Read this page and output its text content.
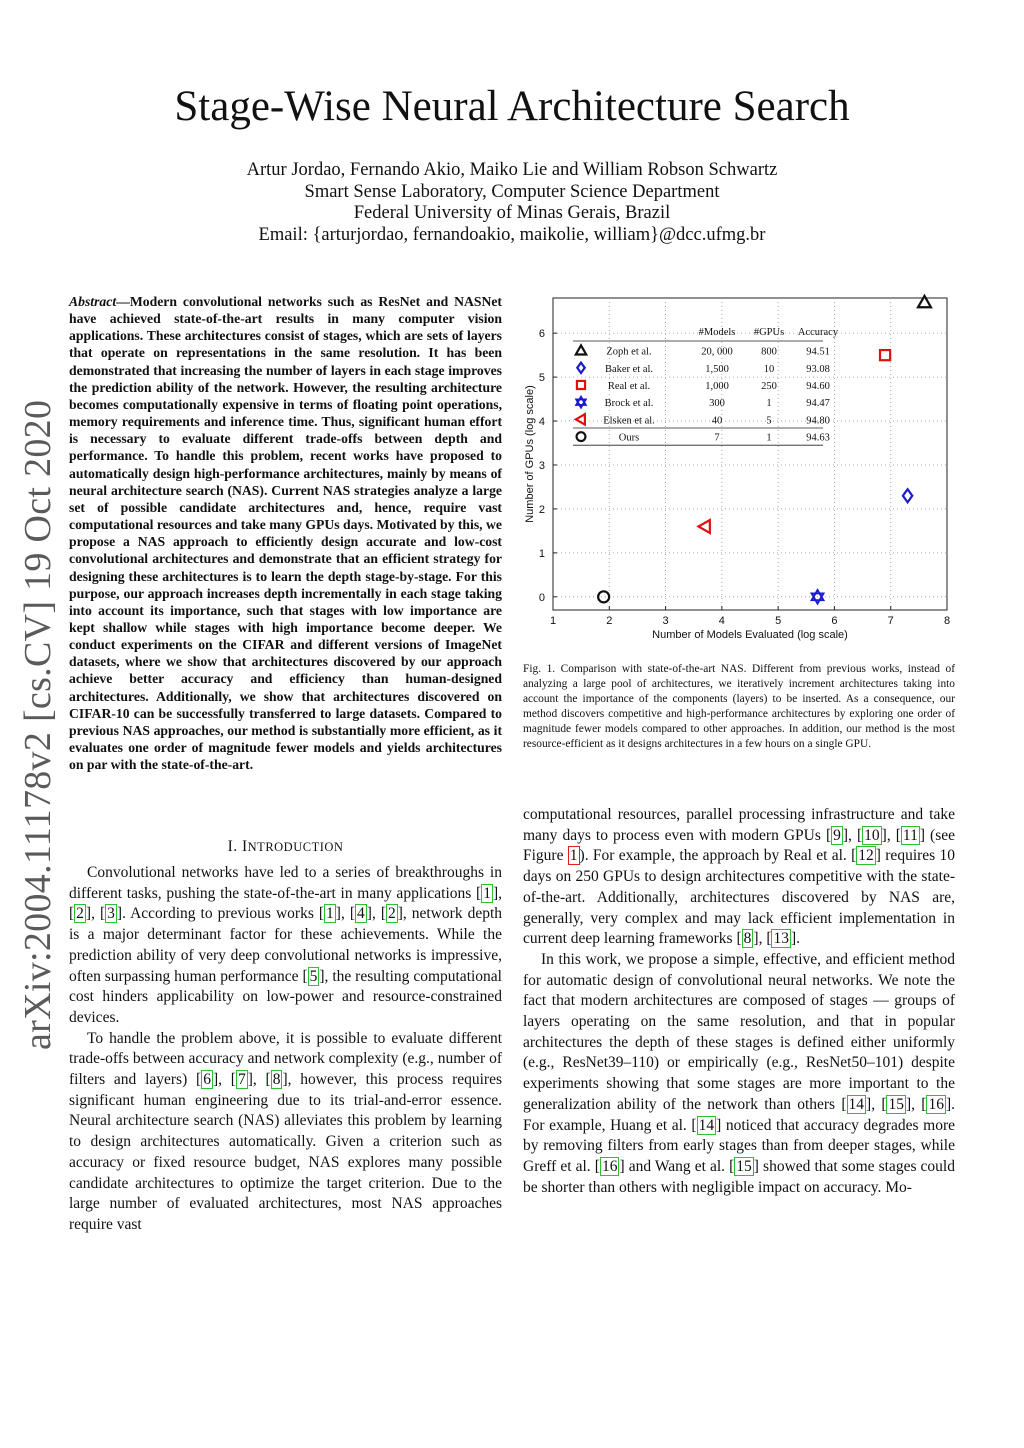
arXiv:2004.11178v2 [cs.CV] 19 Oct 2020
Stage-Wise Neural Architecture Search
Artur Jordao, Fernando Akio, Maiko Lie and William Robson Schwartz
Smart Sense Laboratory, Computer Science Department
Federal University of Minas Gerais, Brazil
Email: {arturjordao, fernandoakio, maikolie, william}@dcc.ufmg.br
Abstract—Modern convolutional networks such as ResNet and NASNet have achieved state-of-the-art results in many computer vision applications. These architectures consist of stages, which are sets of layers that operate on representations in the same resolution. It has been demonstrated that increasing the number of layers in each stage improves the prediction ability of the network. However, the resulting architecture becomes computationally expensive in terms of floating point operations, memory requirements and inference time. Thus, significant human effort is necessary to evaluate different trade-offs between depth and performance. To handle this problem, recent works have proposed to automatically design high-performance architectures, mainly by means of neural architecture search (NAS). Current NAS strategies analyze a large set of possible candidate architectures and, hence, require vast computational resources and take many GPUs days. Motivated by this, we propose a NAS approach to efficiently design accurate and low-cost convolutional architectures and demonstrate that an efficient strategy for designing these architectures is to learn the depth stage-by-stage. For this purpose, our approach increases depth incrementally in each stage taking into account its importance, such that stages with low importance are kept shallow while stages with high importance become deeper. We conduct experiments on the CIFAR and different versions of ImageNet datasets, where we show that architectures discovered by our approach achieve better accuracy and efficiency than human-designed architectures. Additionally, we show that architectures discovered on CIFAR-10 can be successfully transferred to large datasets. Compared to previous NAS approaches, our method is substantially more efficient, as it evaluates one order of magnitude fewer models and yields architectures on par with the state-of-the-art.
I. INTRODUCTION

Convolutional networks have led to a series of breakthroughs in different tasks, pushing the state-of-the-art in many applications [ 1 ], [ 2 ], [ 3 ]. According to previous works [ 1 ], [ 4 ], [ 2 ], network depth is a major determinant factor for these achievements. While the prediction ability of very deep convolutional networks is impressive, often surpassing human performance [ 5 ], the resulting computational cost hinders applicability on low-power and resource-constrained devices.

To handle the problem above, it is possible to evaluate different trade-offs between accuracy and network complexity (e.g., number of filters and layers) [ 6 ], [ 7 ], [ 8 ], however, this process requires significant human engineering due to its trial-and-error essence. Neural architecture search (NAS) alleviates this problem by learning to design architectures automatically. Given a criterion such as accuracy or fixed resource budget, NAS explores many possible candidate architectures to optimize the target criterion. Due to the large number of evaluated architectures, most NAS approaches require vast

computational resources, parallel processing infrastructure and take many days to process even with modern GPUs [ 9 ], [ 10 ], [ 11 ] (see Figure 1 ). For example, the approach by Real et al. [ 12 ] requires 10 days on 250 GPUs to design architectures competitive with the state-of-the-art. Additionally, architectures discovered by NAS are, generally, very complex and may lack efficient implementation in current deep learning frameworks [ 8 ], [ 13 ].

In this work, we propose a simple, effective, and efficient method for automatic design of convolutional neural networks. We note the fact that modern architectures are composed of stages — groups of layers operating on the same resolution, and that in popular architectures the depth of these stages is defined either uniformly (e.g., ResNet39–110) or empirically (e.g., ResNet50–101) despite experiments showing that some stages are more important to the generalization ability of the network than others [ 14 ], [ 15 ], [ 16 ]. For example, Huang et al. [ 14 ] noticed that accuracy degrades more by removing filters from early stages than from deeper stages, while Greff et al. [ 16 ] and Wang et al. [ 15 ] showed that some stages could be shorter than others with negligible impact on accuracy. Mo-

1	2	3	4	5	6	7	8
0
1
2
3
4
5
6
Number of Models Evaluated (log scale)
Number of GPUs (log scale)
#Models #GPUs Accuracy
Zoph et al.	20, 000	800	94.51
Baker et al.	1,500	10	93.08
Real et al.	1,000	250	94.60
Brock et al.	300	1	94.47
Elsken et al.	40	5	94.80
Ours	7	1	94.63
Fig. 1. Comparison with state-of-the-art NAS. Different from previous works, instead of analyzing a large pool of architectures, we iteratively increment architectures taking into account the importance of the components (layers) to be inserted. As a consequence, our method discovers competitive and high-performance architectures by exploring one order of magnitude fewer models compared to other approaches. In addition, our method is the most resource-efficient as it designs architectures in a few hours on a single GPU.
